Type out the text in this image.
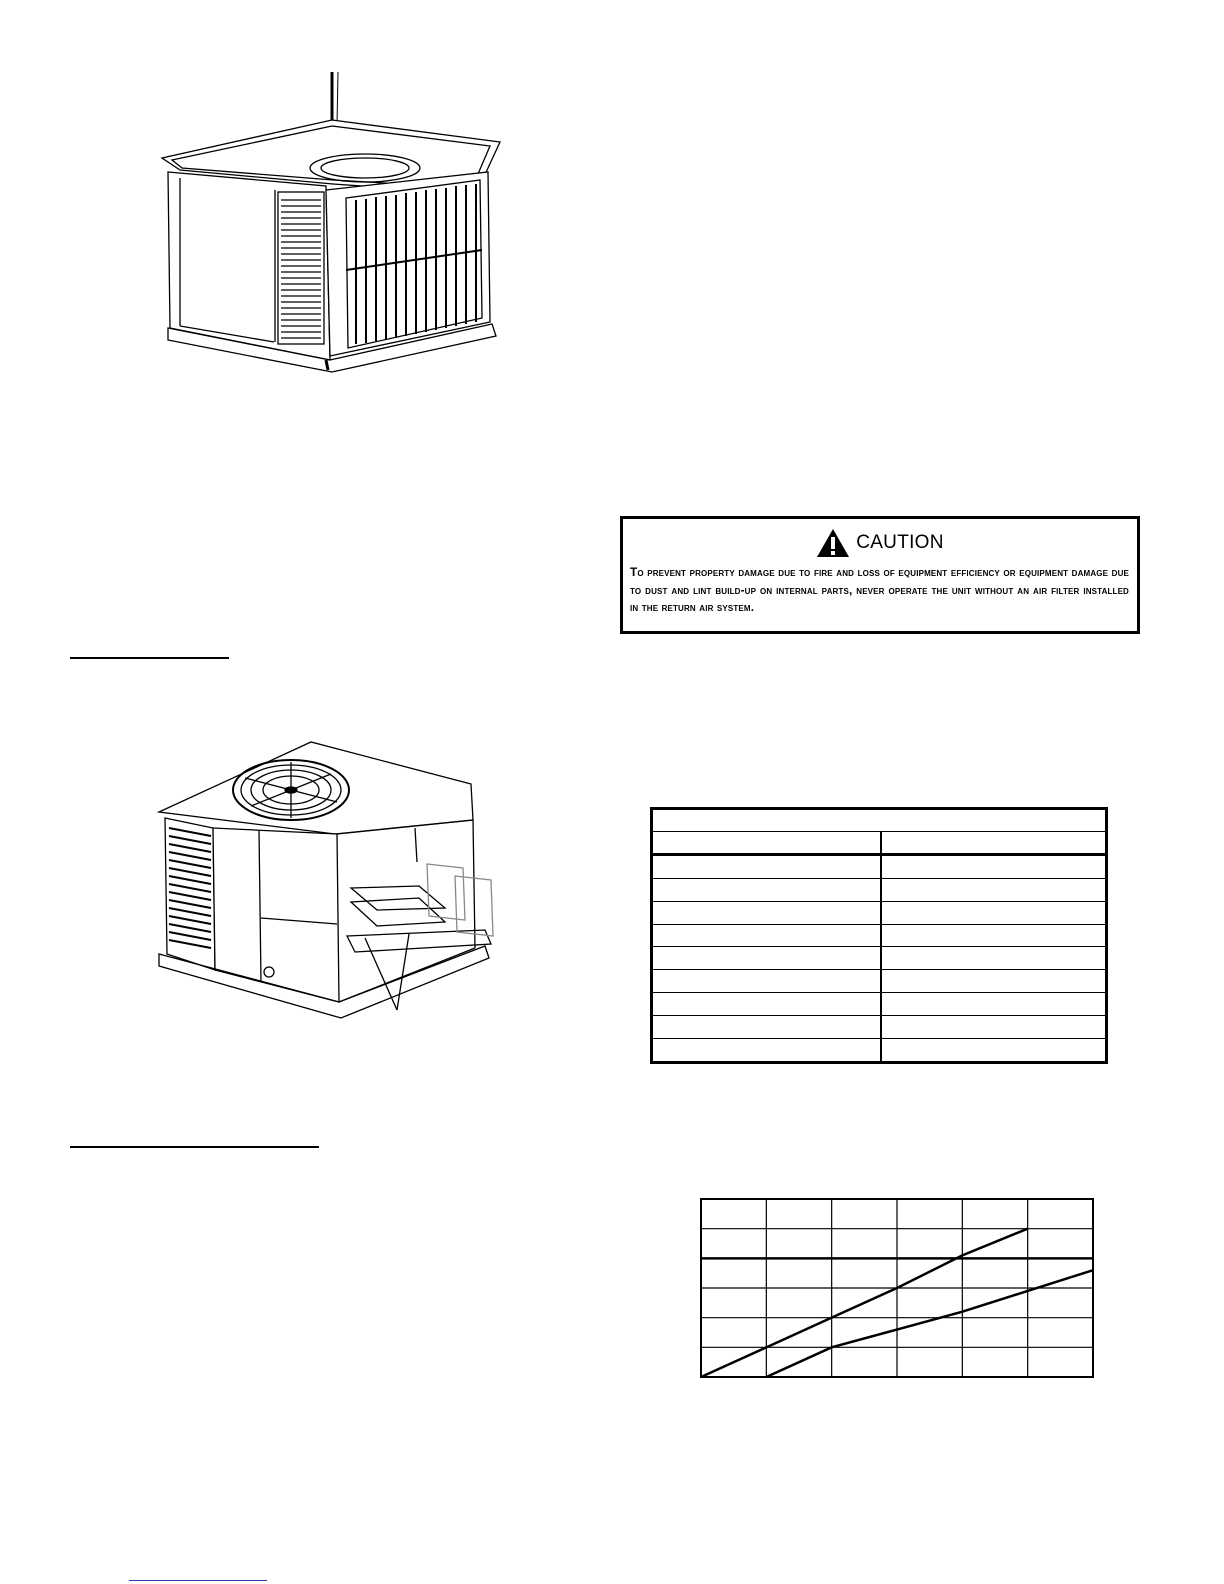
CAUTION
To prevent property damage due to fire and loss of equipment efficiency or equipment damage due to dust and lint build-up on internal parts, never operate the unit without an air filter installed in the return air system.
